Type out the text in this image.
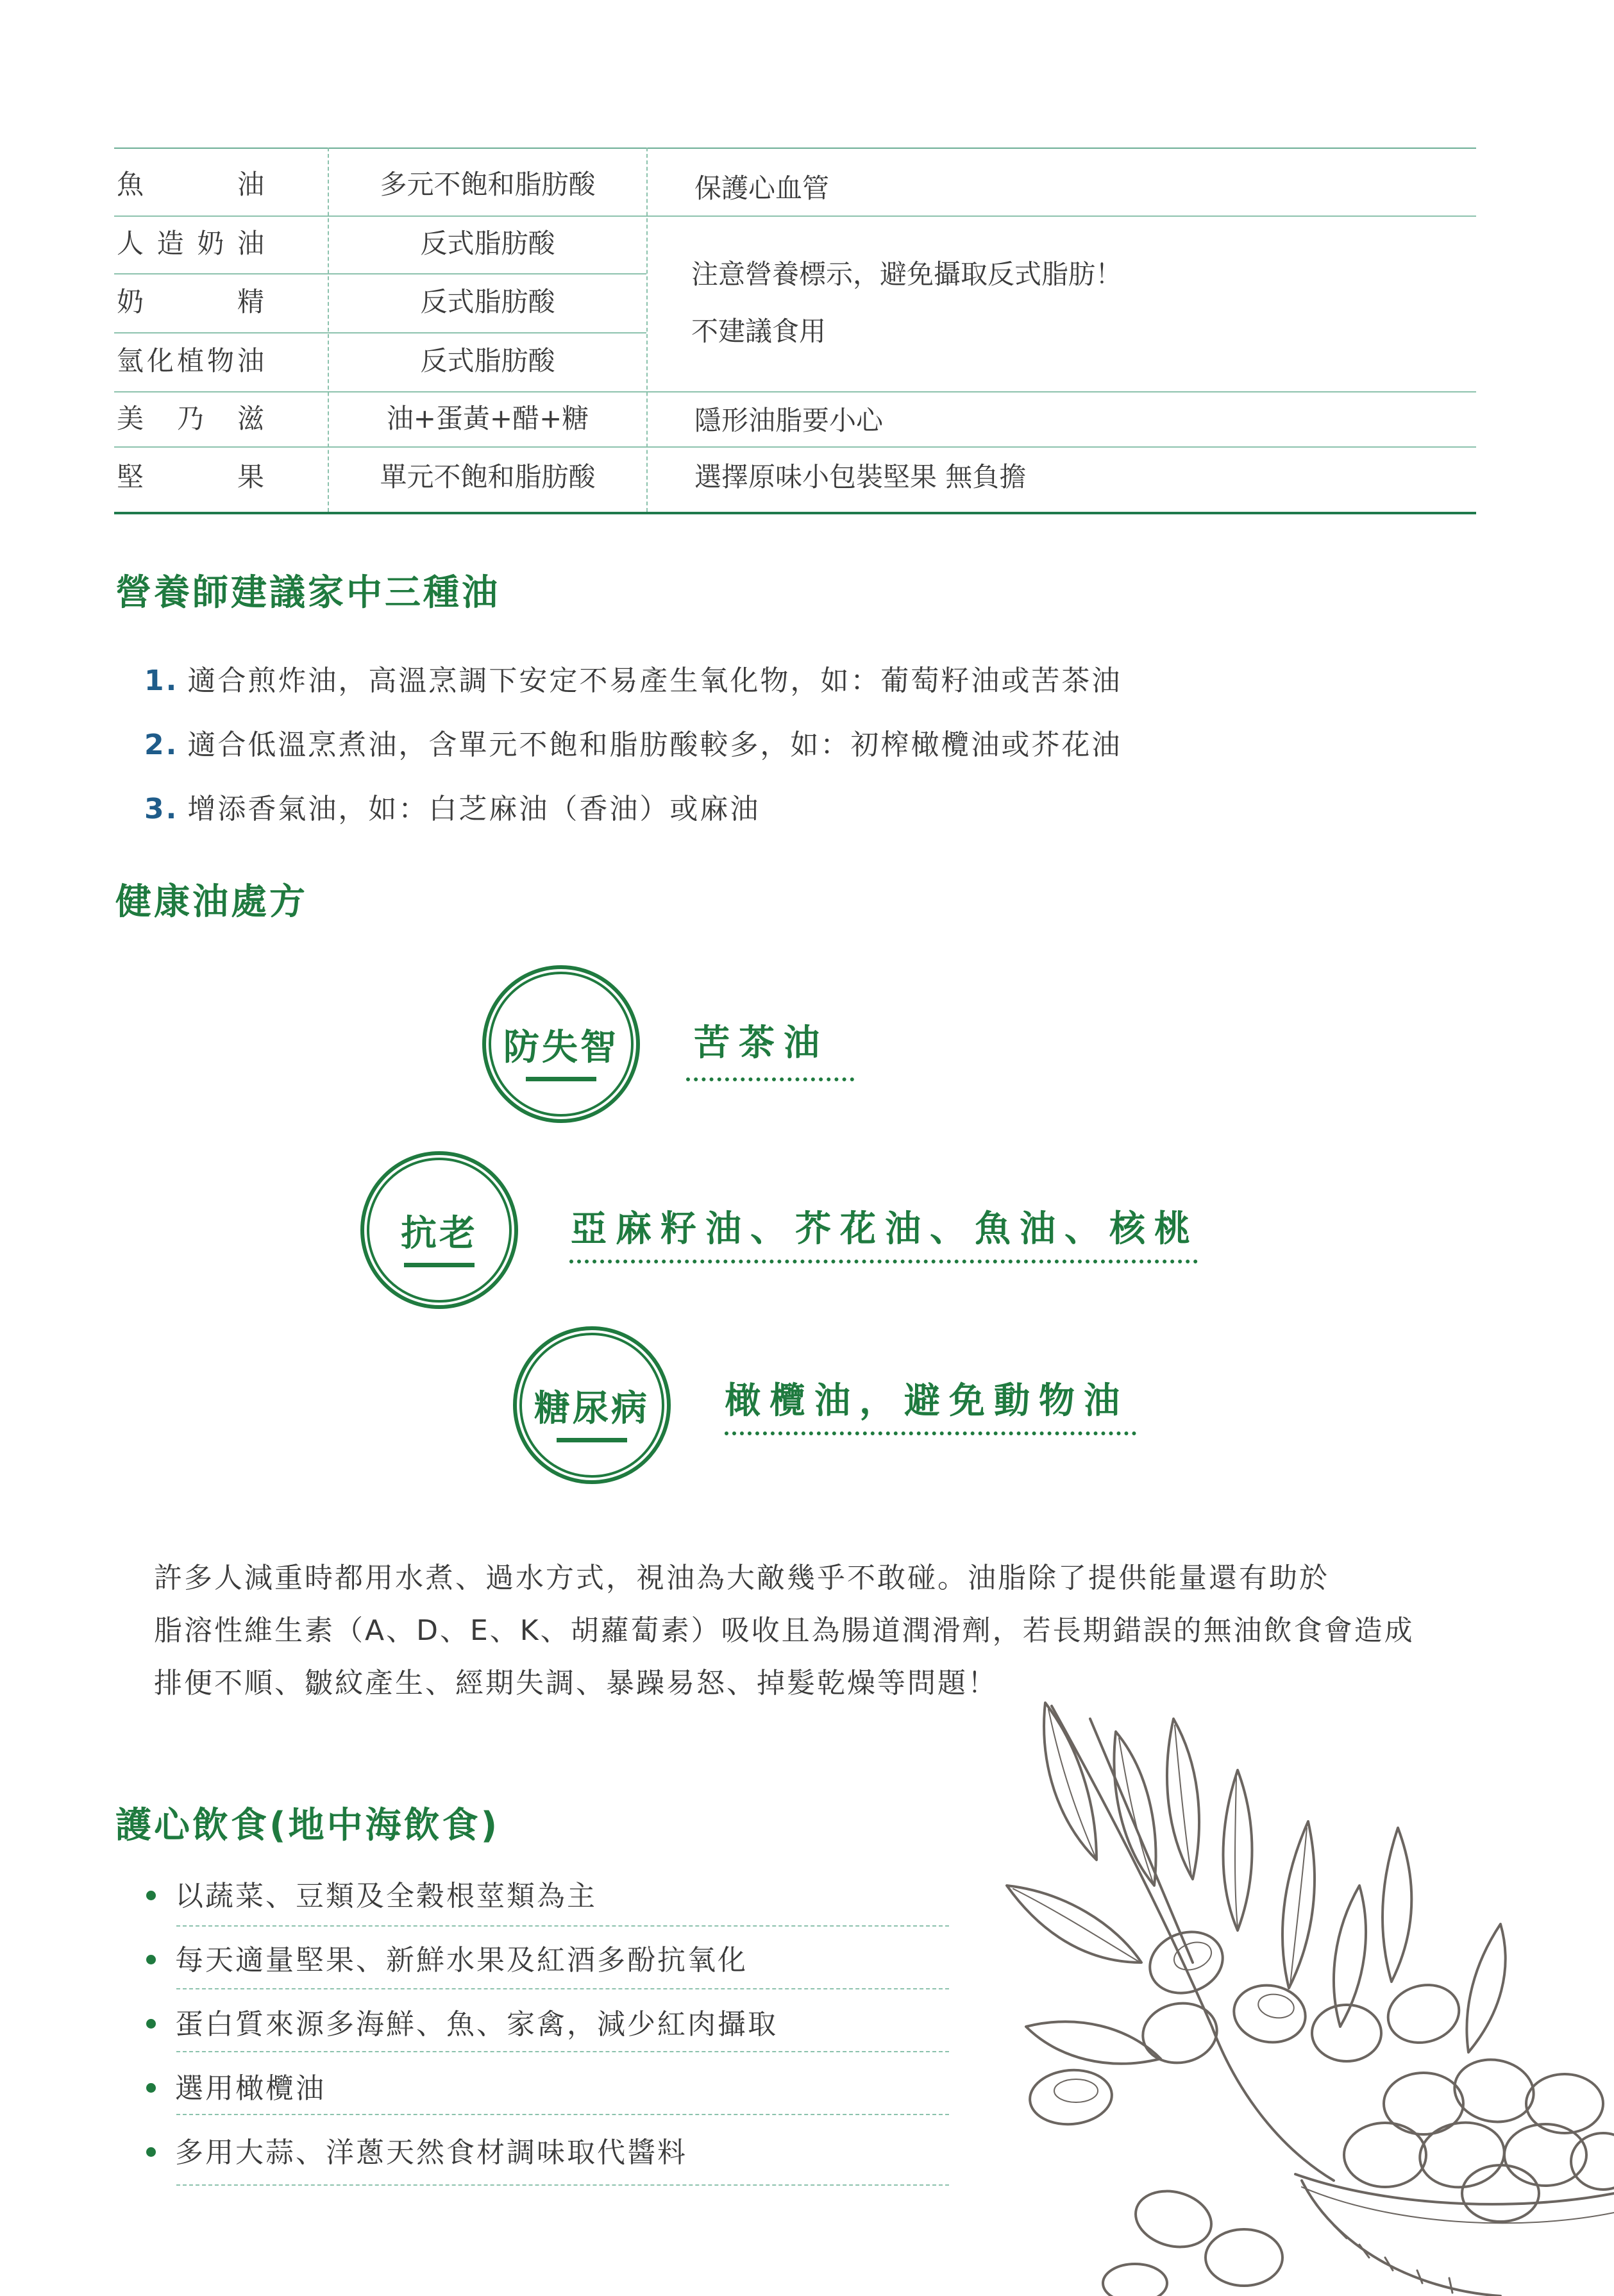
魚　油	多元不飽和脂肪酸	保護心血管
人造奶油	反式脂肪酸
奶　精	反式脂肪酸
氫化植物油	反式脂肪酸
注意營養標示，避免攝取反式脂肪！
不建議食用
美乃滋	油+蛋黃+醋+糖	隱形油脂要小心
堅　果	單元不飽和脂肪酸	選擇原味小包裝堅果 無負擔
營養師建議家中三種油
1. 適合煎炸油，高溫烹調下安定不易產生氧化物，如：葡萄籽油或苦茶油
2. 適合低溫烹煮油，含單元不飽和脂肪酸較多，如：初榨橄欖油或芥花油
3. 增添香氣油，如：白芝麻油（香油）或麻油
健康油處方
防失智	苦茶油
抗老	亞麻籽油、芥花油、魚油、核桃
糖尿病	橄欖油，避免動物油
許多人減重時都用水煮、過水方式，視油為大敵幾乎不敢碰。油脂除了提供能量還有助於
脂溶性維生素（A、D、E、K、胡蘿蔔素）吸收且為腸道潤滑劑，若長期錯誤的無油飲食會造成
排便不順、皺紋產生、經期失調、暴躁易怒、掉髮乾燥等問題！
護心飲食(地中海飲食)
以蔬菜、豆類及全穀根莖類為主
每天適量堅果、新鮮水果及紅酒多酚抗氧化
蛋白質來源多海鮮、魚、家禽，減少紅肉攝取
選用橄欖油
多用大蒜、洋蔥天然食材調味取代醬料
